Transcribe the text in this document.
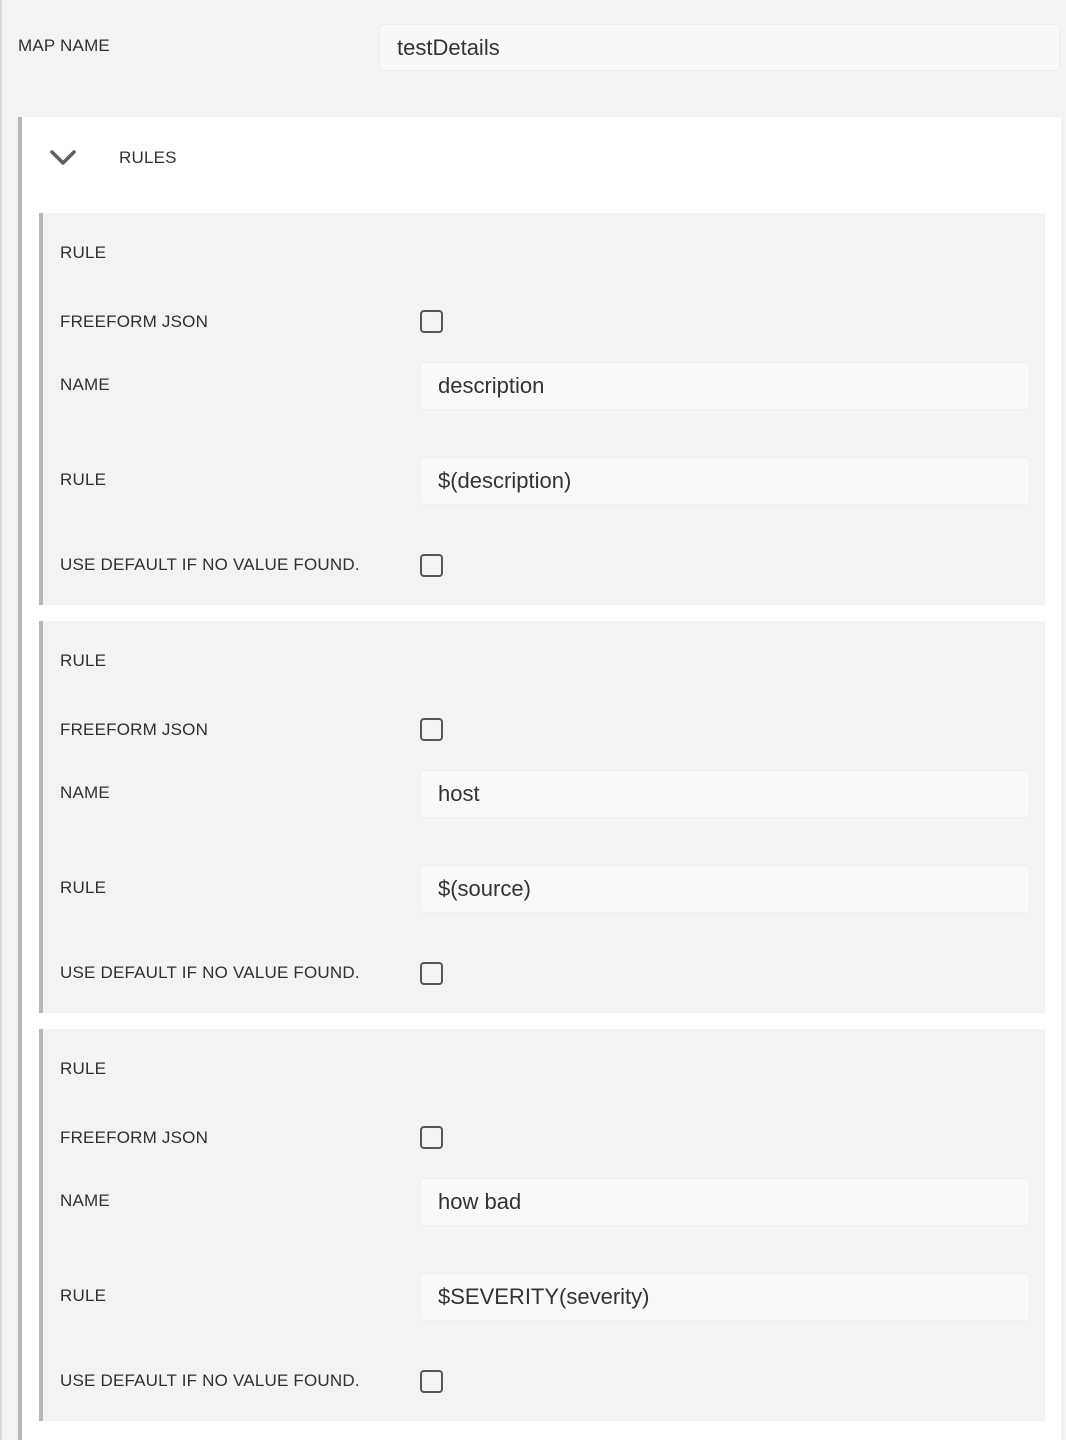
MAP NAME
testDetails
RULES
RULE
FREEFORM JSON
NAME
description
RULE
$(description)
USE DEFAULT IF NO VALUE FOUND.
RULE
FREEFORM JSON
NAME
host
RULE
$(source)
USE DEFAULT IF NO VALUE FOUND.
RULE
FREEFORM JSON
NAME
how bad
RULE
$SEVERITY(severity)
USE DEFAULT IF NO VALUE FOUND.
